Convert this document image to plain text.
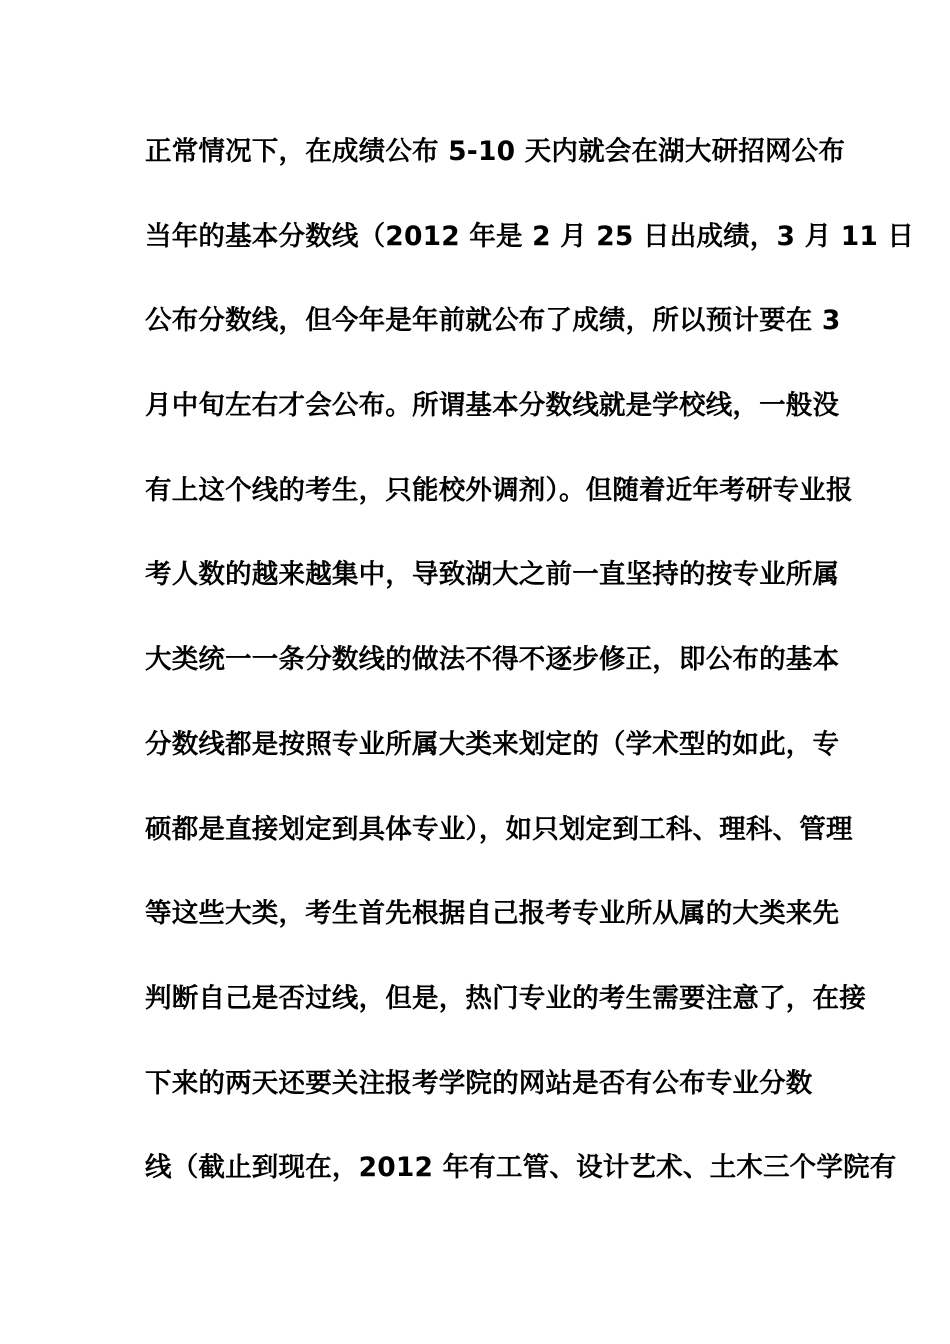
正常情况下，在成绩公布 5-10 天内就会在湖大研招网公布
当年的基本分数线（2012 年是 2 月 25 日出成绩，3 月 11 日
公布分数线，但今年是年前就公布了成绩，所以预计要在 3
月中旬左右才会公布。所谓基本分数线就是学校线，一般没
有上这个线的考生，只能校外调剂）。但随着近年考研专业报
考人数的越来越集中，导致湖大之前一直坚持的按专业所属
大类统一一条分数线的做法不得不逐步修正，即公布的基本
分数线都是按照专业所属大类来划定的（学术型的如此，专
硕都是直接划定到具体专业），如只划定到工科、理科、管理
等这些大类，考生首先根据自己报考专业所从属的大类来先
判断自己是否过线，但是，热门专业的考生需要注意了，在接
下来的两天还要关注报考学院的网站是否有公布专业分数
线（截止到现在，2012 年有工管、设计艺术、土木三个学院有
